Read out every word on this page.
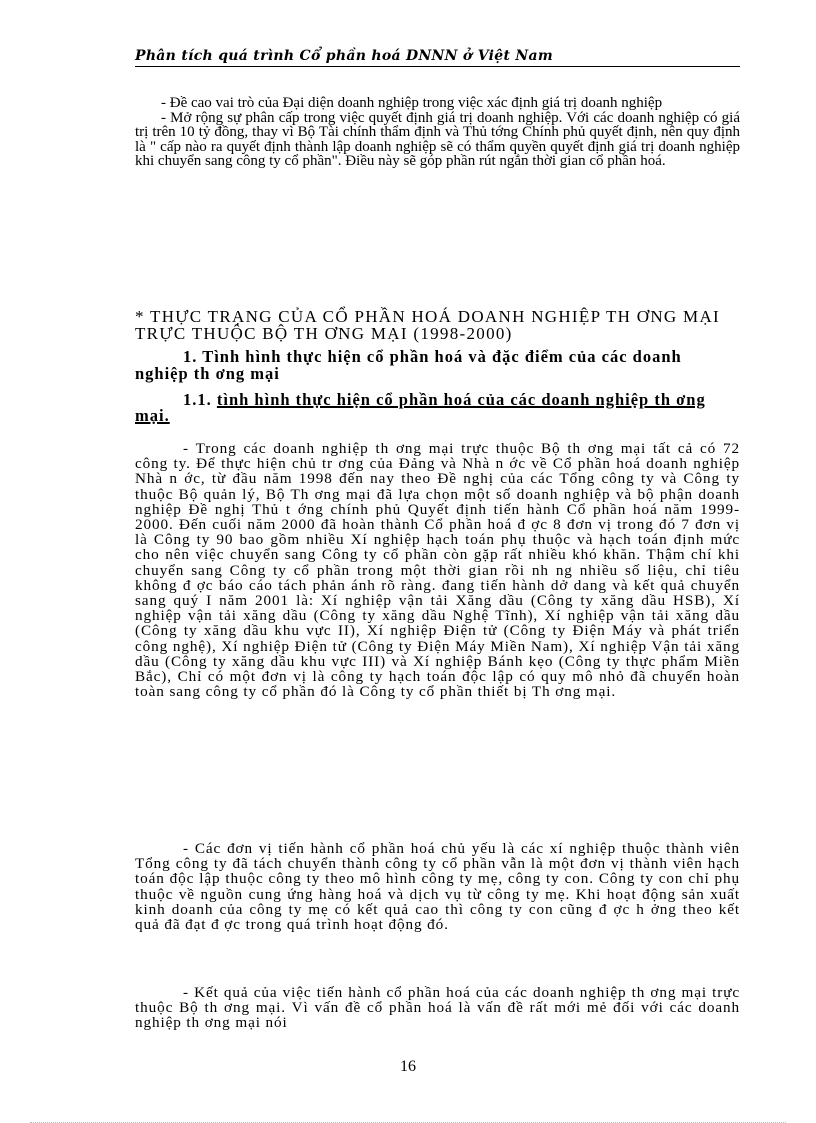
Phân tích quá trình Cổ phần hoá DNNN ở Việt Nam

- Đề cao vai trò của Đại diện doanh nghiệp trong việc xác định giá trị doanh nghiệp

- Mở rộng sự phân cấp trong việc quyết định giá trị doanh nghiệp. Với các doanh nghiệp có giá trị trên 10 tỷ đồng, thay vì Bộ Tài chính thẩm định và Thủ tớng Chính phủ quyết định, nên quy định là " cấp nào ra quyết định thành lập doanh nghiệp sẽ có thẩm quyền quyết định giá trị doanh nghiệp khi chuyển sang công ty cổ phần". Điều này sẽ góp phần rút ngắn thời gian cổ phần hoá.

* THỰC TRẠNG CỦA CỔ PHẦN HOÁ DOANH NGHIỆP TH ƠNG MẠI TRỰC THUỘC BỘ TH ƠNG MẠI (1998-2000)

1. Tình hình thực hiện cổ phần hoá và đặc điểm của các doanh nghiệp th ơng mại

1.1. tình hình thực hiện cổ phần hoá của các doanh nghiệp th ơng mại.

- Trong các doanh nghiệp th ơng mại trực thuộc Bộ th ơng mại tất cả có 72 công ty. Để thực hiện chủ tr ơng của Đảng và Nhà n ớc về Cổ phần hoá doanh nghiệp Nhà n ớc, từ đầu năm 1998 đến nay theo Đề nghị của các Tổng công ty và Công ty thuộc Bộ quản lý, Bộ Th ơng mại đã lựa chọn một số doanh nghiệp và bộ phận doanh nghiệp Đề nghị Thủ t ớng chính phủ Quyết định tiến hành Cổ phần hoá năm 1999-2000. Đến cuối năm 2000 đã hoàn thành Cổ phần hoá đ ợc 8 đơn vị trong đó 7 đơn vị là Công ty 90 bao gồm nhiều Xí nghiệp hạch toán phụ thuộc và hạch toán định mức cho nên việc chuyển sang Công ty cổ phần còn gặp rất nhiều khó khăn. Thậm chí khi chuyển sang Công ty cổ phần trong một thời gian rồi nh ng nhiều số liệu, chỉ tiêu không đ ợc báo cáo tách phản ánh rõ ràng. đang tiến hành dở dang và kết quả chuyển sang quý I năm 2001 là: Xí nghiệp vận tải Xăng dầu (Công ty xăng dầu HSB), Xí nghiệp vận tải xăng dầu (Công ty xăng dầu Nghệ Tĩnh), Xí nghiệp vận tải xăng dầu (Công ty xăng dầu khu vực II), Xí nghiệp Điện tử (Công ty Điện Máy và phát triển công nghệ), Xí nghiệp Điện tử (Công ty Điện Máy Miền Nam), Xí nghiệp Vận tải xăng dầu (Công ty xăng dầu khu vực III) và Xí nghiệp Bánh kẹo (Công ty thực phẩm Miền Bắc), Chỉ có một đơn vị là công ty hạch toán độc lập có quy mô nhỏ đã chuyển hoàn toàn sang công ty cổ phần đó là Công ty cổ phần thiết bị Th ơng mại.

- Các đơn vị tiến hành cổ phần hoá chủ yếu là các xí nghiệp thuộc thành viên Tổng công ty đã tách chuyển thành công ty cổ phần vẫn là một đơn vị thành viên hạch toán độc lập thuộc công ty theo mô hình công ty mẹ, công ty con. Công ty con chỉ phụ thuộc về nguồn cung ứng hàng hoá và dịch vụ từ công ty mẹ. Khi hoạt động sản xuất kinh doanh của công ty mẹ có kết quả cao thì công ty con cũng đ ợc h ởng theo kết quả đã đạt đ ợc trong quá trình hoạt động đó.

- Kết quả của việc tiến hành cổ phần hoá của các doanh nghiệp th ơng mại trực thuộc Bộ th ơng mại. Vì vấn đề cổ phần hoá là vấn đề rất mới mẻ đối với các doanh nghiệp th ơng mại nói

16
